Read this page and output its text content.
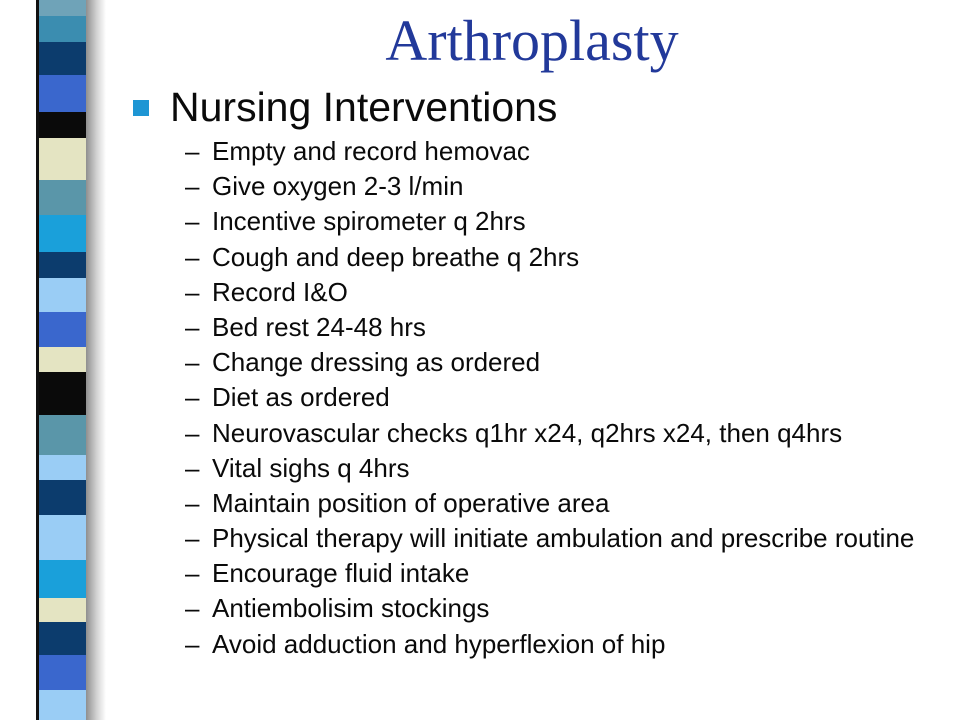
Arthroplasty
Nursing Interventions
– Empty and record hemovac
– Give oxygen 2-3 l/min
– Incentive spirometer q 2hrs
– Cough and deep breathe q 2hrs
– Record I&O
– Bed rest 24-48 hrs
– Change dressing as ordered
– Diet as ordered
– Neurovascular checks q1hr x24, q2hrs x24, then q4hrs
– Vital sighs q 4hrs
– Maintain position of operative area
– Physical therapy will initiate ambulation and prescribe routine
– Encourage fluid intake
– Antiembolisim stockings
– Avoid adduction and hyperflexion of hip
